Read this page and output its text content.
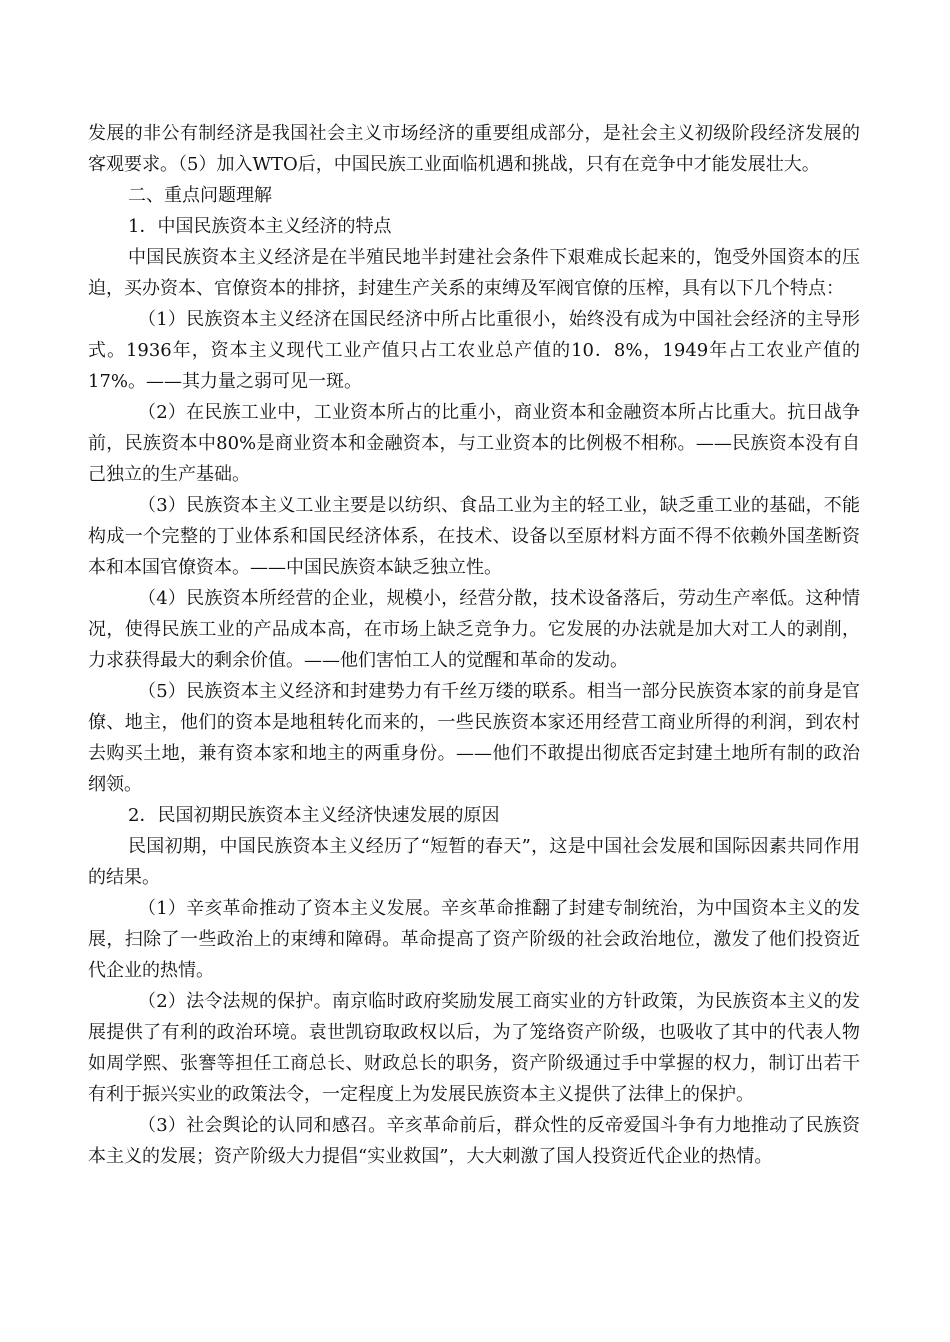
发展的非公有制经济是我国社会主义市场经济的重要组成部分，是社会主义初级阶段经济发展的客观要求。（5）加入WTO后，中国民族工业面临机遇和挑战，只有在竞争中才能发展壮大。

二、重点问题理解

1．中国民族资本主义经济的特点

中国民族资本主义经济是在半殖民地半封建社会条件下艰难成长起来的，饱受外国资本的压迫，买办资本、官僚资本的排挤，封建生产关系的束缚及军阀官僚的压榨，具有以下几个特点：

（1）民族资本主义经济在国民经济中所占比重很小，始终没有成为中国社会经济的主导形式。1936年，资本主义现代工业产值只占工农业总产值的10．8%，1949年占工农业产值的17%。——其力量之弱可见一斑。

（2）在民族工业中，工业资本所占的比重小，商业资本和金融资本所占比重大。抗日战争前，民族资本中80%是商业资本和金融资本，与工业资本的比例极不相称。——民族资本没有自己独立的生产基础。

（3）民族资本主义工业主要是以纺织、食品工业为主的轻工业，缺乏重工业的基础，不能构成一个完整的丁业体系和国民经济体系，在技术、设备以至原材料方面不得不依赖外国垄断资本和本国官僚资本。——中国民族资本缺乏独立性。

（4）民族资本所经营的企业，规模小，经营分散，技术设备落后，劳动生产率低。这种情况，使得民族工业的产品成本高，在市场上缺乏竞争力。它发展的办法就是加大对工人的剥削，力求获得最大的剩余价值。——他们害怕工人的觉醒和革命的发动。

（5）民族资本主义经济和封建势力有千丝万缕的联系。相当一部分民族资本家的前身是官僚、地主，他们的资本是地租转化而来的，一些民族资本家还用经营工商业所得的利润，到农村去购买土地，兼有资本家和地主的两重身份。——他们不敢提出彻底否定封建土地所有制的政治纲领。

2．民国初期民族资本主义经济快速发展的原因

民国初期，中国民族资本主义经历了“短暂的春天”，这是中国社会发展和国际因素共同作用的结果。

（1）辛亥革命推动了资本主义发展。辛亥革命推翻了封建专制统治，为中国资本主义的发展，扫除了一些政治上的束缚和障碍。革命提高了资产阶级的社会政治地位，激发了他们投资近代企业的热情。

（2）法令法规的保护。南京临时政府奖励发展工商实业的方针政策，为民族资本主义的发展提供了有利的政治环境。袁世凯窃取政权以后，为了笼络资产阶级，也吸收了其中的代表人物如周学熙、张謇等担任工商总长、财政总长的职务，资产阶级通过手中掌握的权力，制订出若干有利于振兴实业的政策法令，一定程度上为发展民族资本主义提供了法律上的保护。

（3）社会舆论的认同和感召。辛亥革命前后，群众性的反帝爱国斗争有力地推动了民族资本主义的发展；资产阶级大力提倡“实业救国”，大大刺激了国人投资近代企业的热情。
